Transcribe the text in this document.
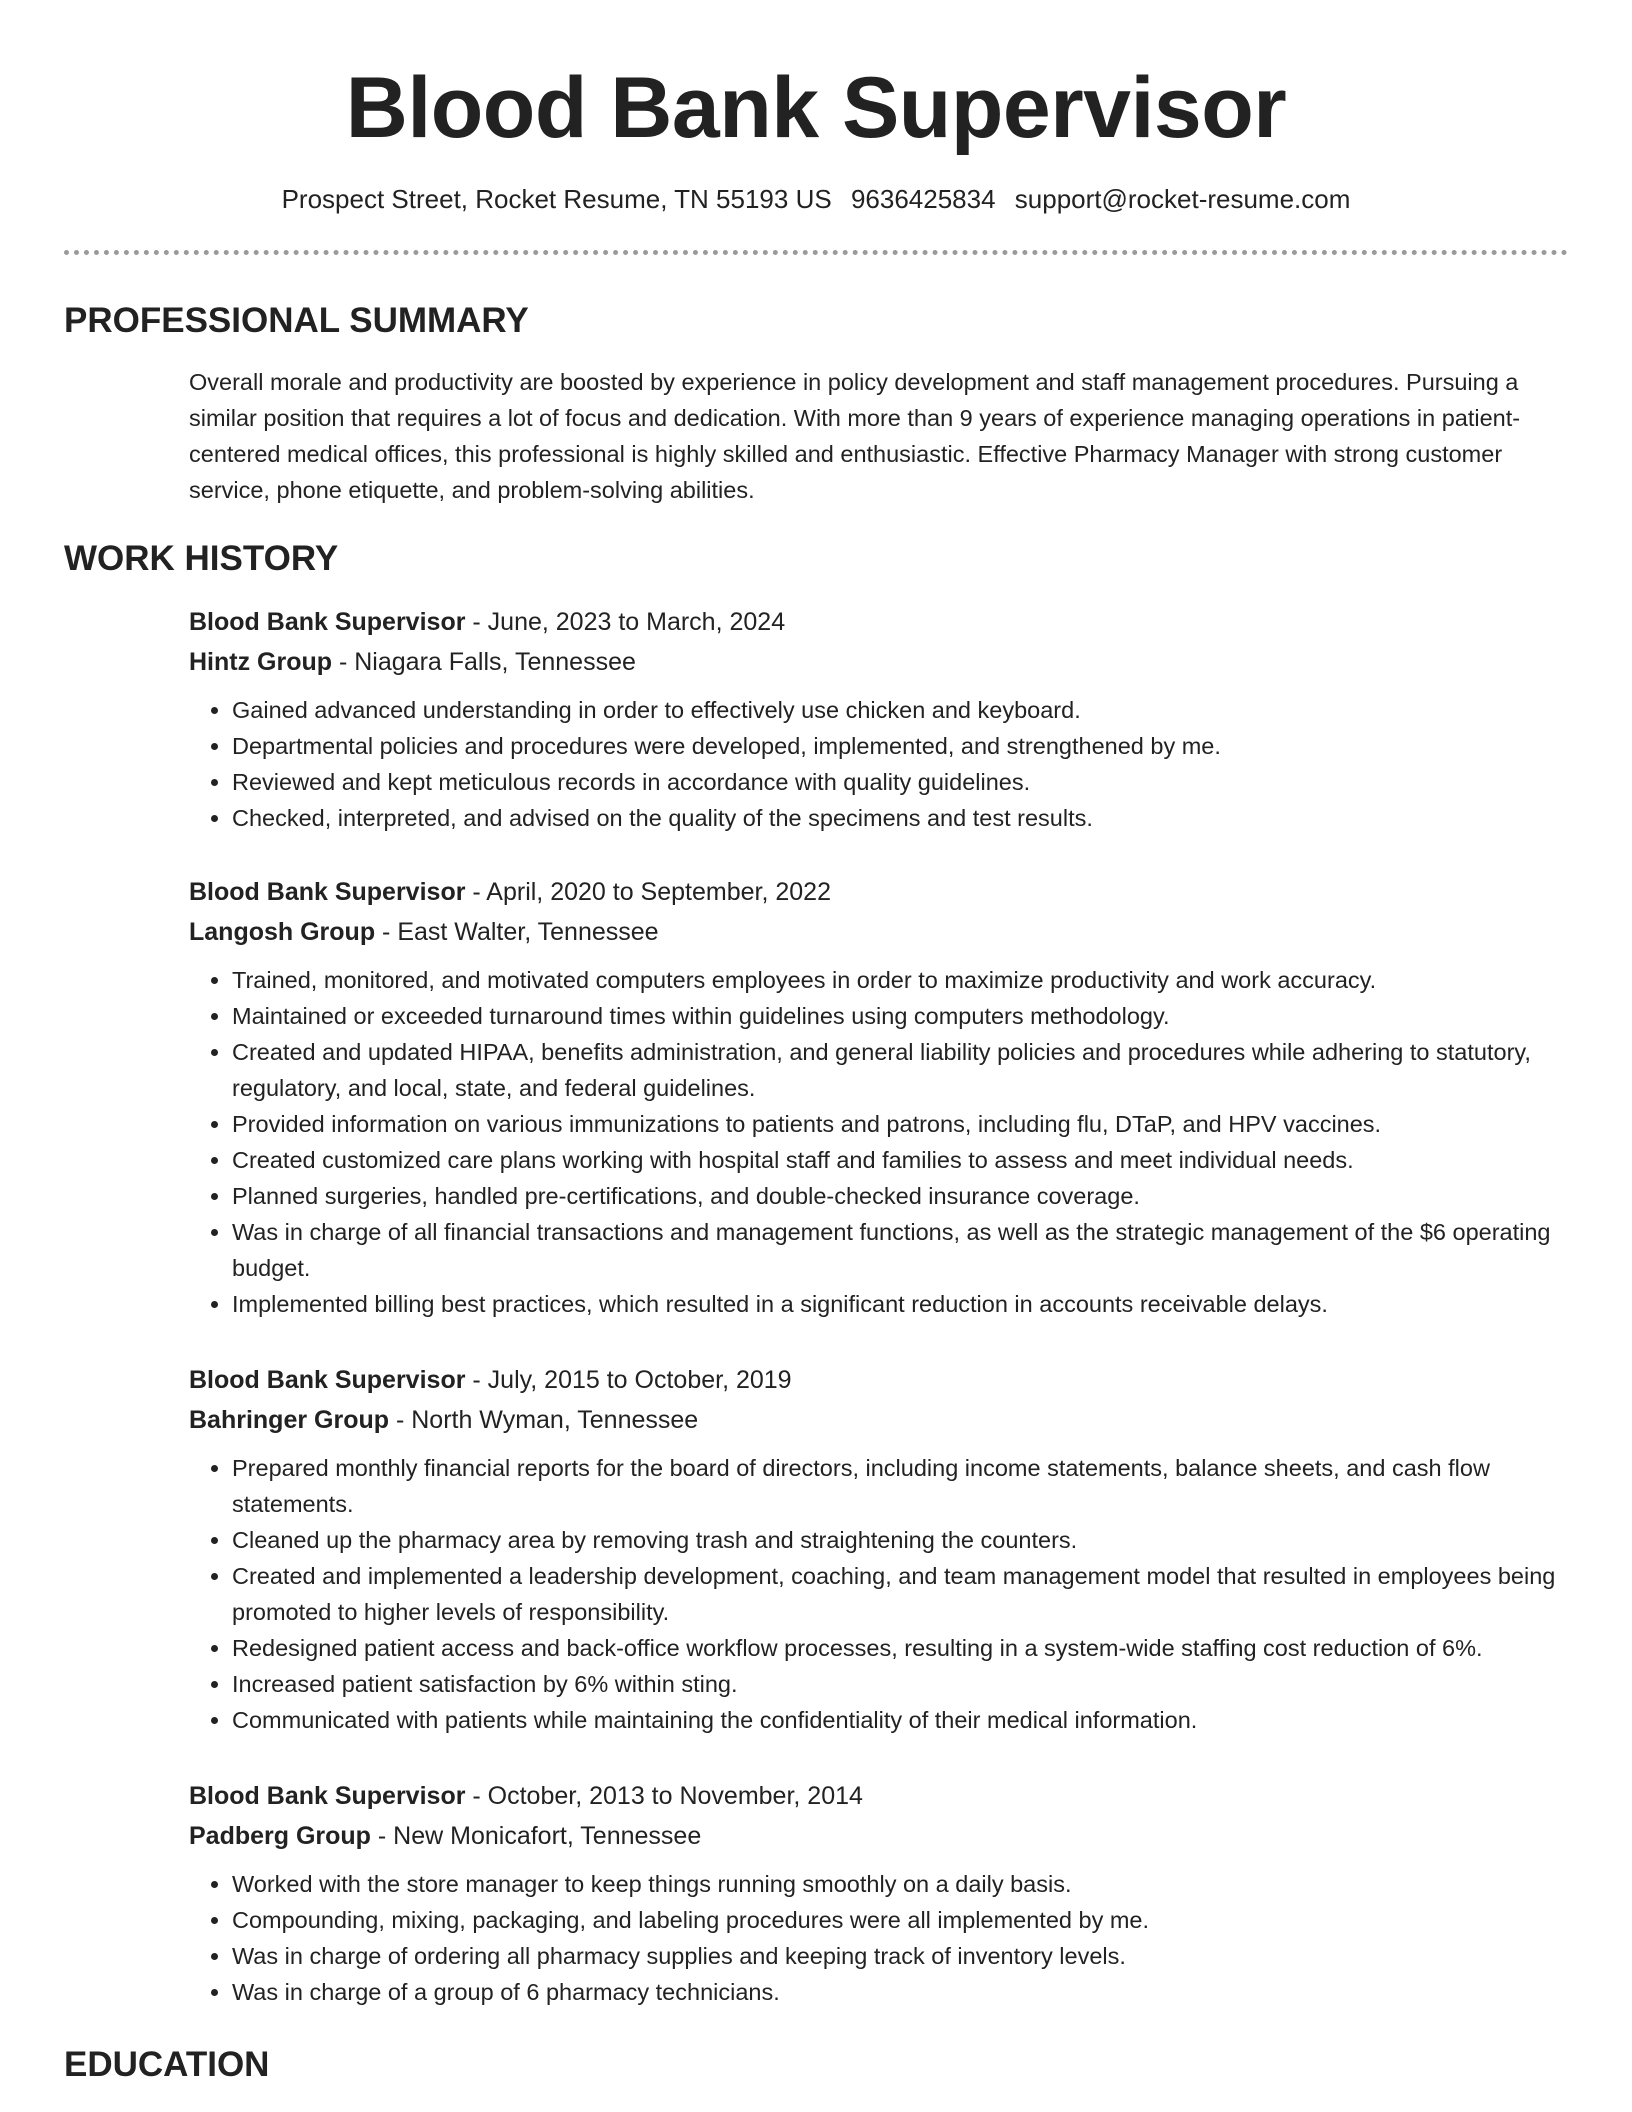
Blood Bank Supervisor
Prospect Street, Rocket Resume, TN 55193 US 9636425834 support@rocket-resume.com
PROFESSIONAL SUMMARY

Overall morale and productivity are boosted by experience in policy development and staff management procedures. Pursuing a similar position that requires a lot of focus and dedication. With more than 9 years of experience managing operations in patient-centered medical offices, this professional is highly skilled and enthusiastic. Effective Pharmacy Manager with strong customer service, phone etiquette, and problem-solving abilities.

WORK HISTORY

Blood Bank Supervisor - June, 2023 to March, 2024

Hintz Group - Niagara Falls, Tennessee

• Gained advanced understanding in order to effectively use chicken and keyboard.
• Departmental policies and procedures were developed, implemented, and strengthened by me.
• Reviewed and kept meticulous records in accordance with quality guidelines.
• Checked, interpreted, and advised on the quality of the specimens and test results.

Blood Bank Supervisor - April, 2020 to September, 2022

Langosh Group - East Walter, Tennessee

• Trained, monitored, and motivated computers employees in order to maximize productivity and work accuracy.
• Maintained or exceeded turnaround times within guidelines using computers methodology.
• Created and updated HIPAA, benefits administration, and general liability policies and procedures while adhering to statutory, regulatory, and local, state, and federal guidelines.
• Provided information on various immunizations to patients and patrons, including flu, DTaP, and HPV vaccines.
• Created customized care plans working with hospital staff and families to assess and meet individual needs.
• Planned surgeries, handled pre-certifications, and double-checked insurance coverage.
• Was in charge of all financial transactions and management functions, as well as the strategic management of the $6 operating budget.
• Implemented billing best practices, which resulted in a significant reduction in accounts receivable delays.

Blood Bank Supervisor - July, 2015 to October, 2019

Bahringer Group - North Wyman, Tennessee

• Prepared monthly financial reports for the board of directors, including income statements, balance sheets, and cash flow statements.
• Cleaned up the pharmacy area by removing trash and straightening the counters.
• Created and implemented a leadership development, coaching, and team management model that resulted in employees being promoted to higher levels of responsibility.
• Redesigned patient access and back-office workflow processes, resulting in a system-wide staffing cost reduction of 6%.
• Increased patient satisfaction by 6% within sting.
• Communicated with patients while maintaining the confidentiality of their medical information.

Blood Bank Supervisor - October, 2013 to November, 2014

Padberg Group - New Monicafort, Tennessee

• Worked with the store manager to keep things running smoothly on a daily basis.
• Compounding, mixing, packaging, and labeling procedures were all implemented by me.
• Was in charge of ordering all pharmacy supplies and keeping track of inventory levels.
• Was in charge of a group of 6 pharmacy technicians.
EDUCATION
